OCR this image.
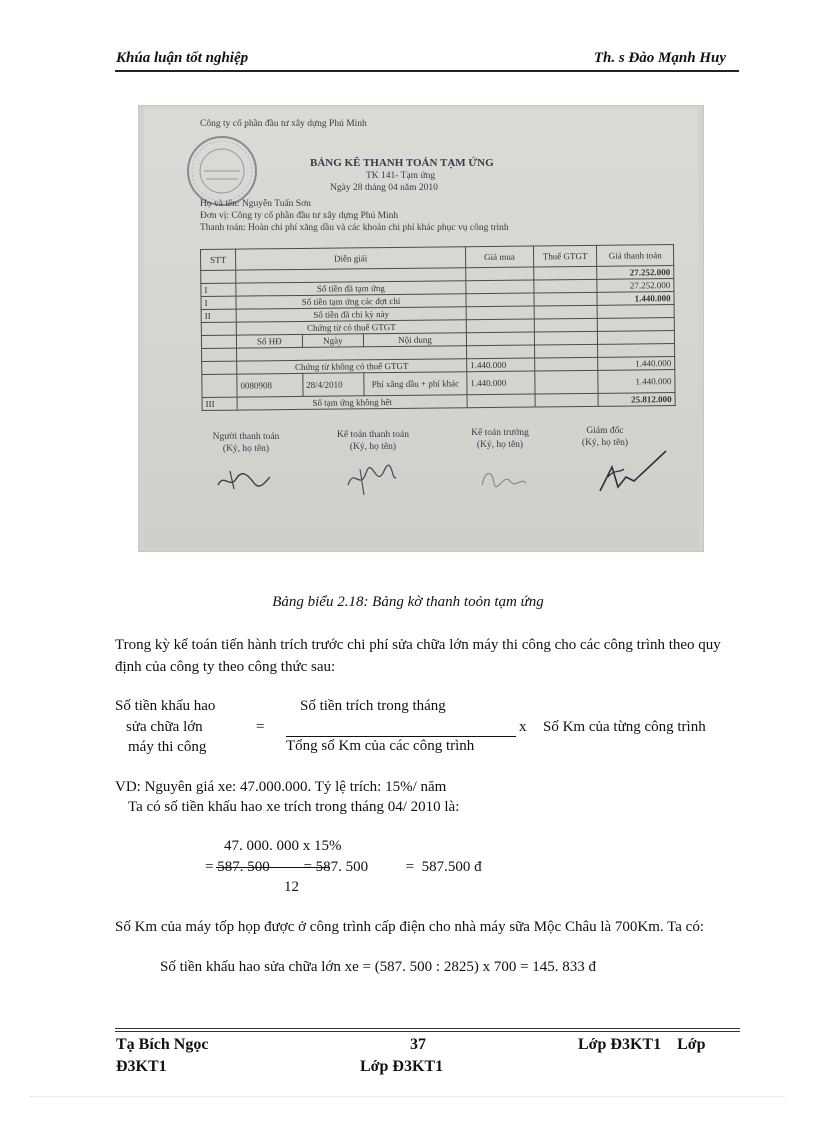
Khúa luận tốt nghiệp	Th. s Đào Mạnh Huy
Công ty cổ phần đầu tư xây dựng Phú Minh
BẢNG KÊ THANH TOÁN TẠM ỨNG
TK 141- Tạm ứng
Ngày 28 tháng 04 năm 2010
Họ và tên: Nguyễn Tuấn Sơn
Đơn vị: Công ty cổ phần đầu tư xây dựng Phú Minh
Thanh toán: Hoàn chi phí xăng dầu và các khoản chi phí khác phục vụ công trình
STT	Diễn giải			Giá mua	Thuế GTGT	Giá thanh toán
						27.252.000
I	Số tiền đã tạm ứng					27.252.000
I	Số tiền tạm ứng các đợt chi					1.440.000
II	Số tiền đã chi kỳ này					
	Chứng từ có thuế GTGT					
	Số HĐ	Ngày	Nội dung			

	Chứng từ không có thuế GTGT			1.440.000		1.440.000
	0080908	28/4/2010	Phí xăng dầu + phí khác	1.440.000		1.440.000
III	Số tạm ứng không hết					25.812.000
Người thanh toán
(Ký, họ tên)
Kế toán thanh toán
(Ký, họ tên)
Kế toán trưởng
(Ký, họ tên)
Giám đốc
(Ký, họ tên)
Bảng biểu 2.18: Bảng kờ thanh toỏn tạm ứng
Trong kỳ kế toán tiến hành trích trước chi phí sửa chữa lớn máy thi công cho các công trình theo quy định của công ty theo công thức sau:
Số tiền khấu hao
sửa chữa lớn
máy thi công
=
Số tiền trích trong tháng
Tổng số Km của các công trình
x Số Km của từng công trình
VD: Nguyên giá xe: 47.000.000. Tỷ lệ trích: 15%/ năm
Ta có số tiền khấu hao xe trích trong tháng 04/ 2010 là:
47. 000. 000 x 15%
= 587. 500         = 587. 500          =  587.500 đ
12
Số Km của máy tốp họp được ở công trình cấp điện cho nhà máy sữa Mộc Châu là 700Km. Ta có:
Số tiền khấu hao sửa chữa lớn xe = (587. 500 : 2825) x 700 = 145. 833 đ
Tạ Bích Ngọc	37	Lớp Đ3KT1    Lớp
Đ3KT1	Lớp Đ3KT1
